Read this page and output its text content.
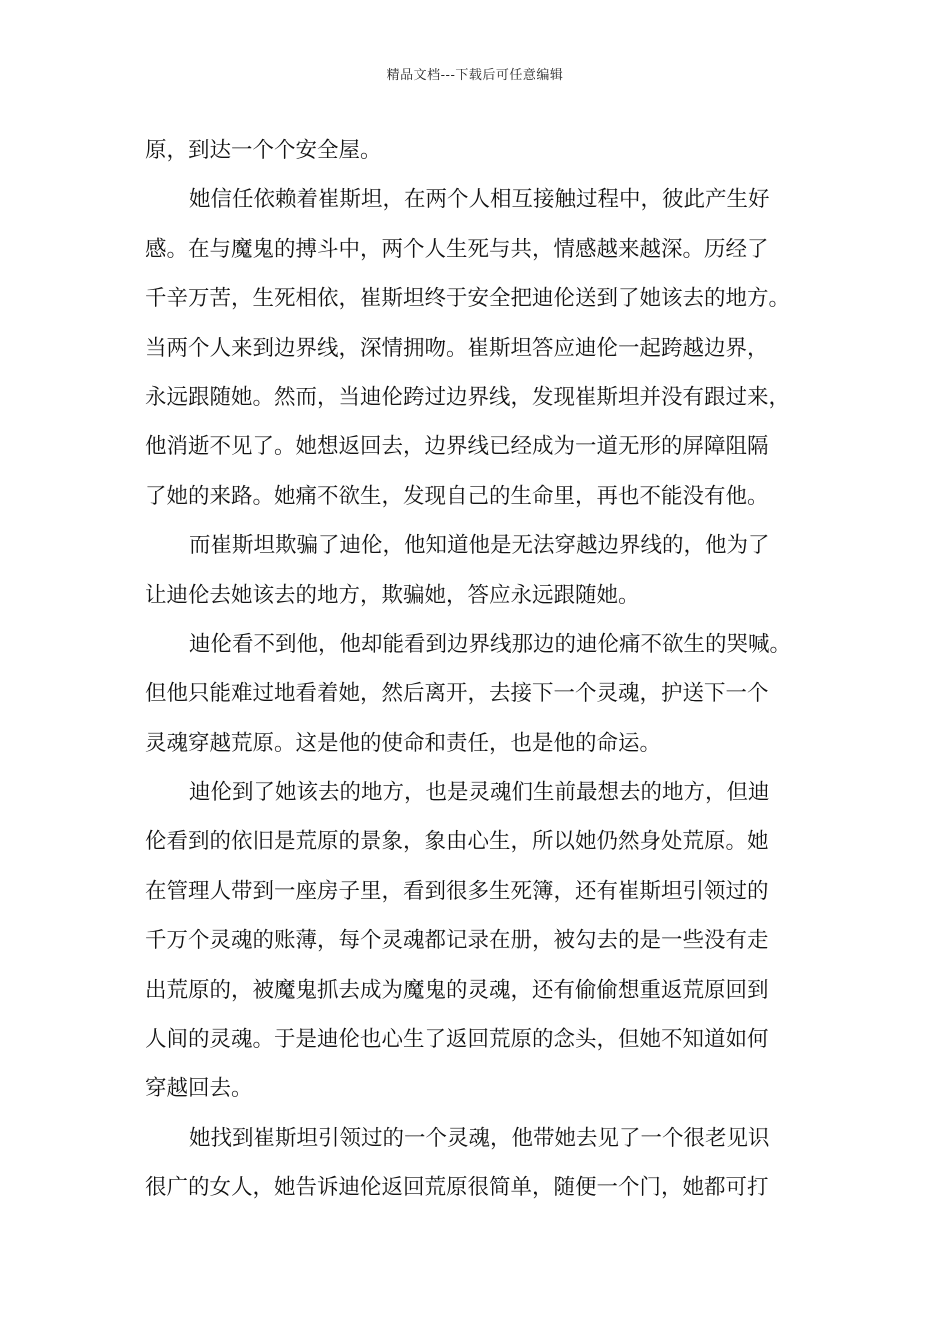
精品文档---下载后可任意编辑
原，到达一个个安全屋。
她信任依赖着崔斯坦，在两个人相互接触过程中，彼此产生好
感。在与魔鬼的搏斗中，两个人生死与共，情感越来越深。历经了
千辛万苦，生死相依，崔斯坦终于安全把迪伦送到了她该去的地方。
当两个人来到边界线，深情拥吻。崔斯坦答应迪伦一起跨越边界，
永远跟随她。然而，当迪伦跨过边界线，发现崔斯坦并没有跟过来，
他消逝不见了。她想返回去，边界线已经成为一道无形的屏障阻隔
了她的来路。她痛不欲生，发现自己的生命里，再也不能没有他。
而崔斯坦欺骗了迪伦，他知道他是无法穿越边界线的，他为了
让迪伦去她该去的地方，欺骗她，答应永远跟随她。
迪伦看不到他，他却能看到边界线那边的迪伦痛不欲生的哭喊。
但他只能难过地看着她，然后离开，去接下一个灵魂，护送下一个
灵魂穿越荒原。这是他的使命和责任，也是他的命运。
迪伦到了她该去的地方，也是灵魂们生前最想去的地方，但迪
伦看到的依旧是荒原的景象，象由心生，所以她仍然身处荒原。她
在管理人带到一座房子里，看到很多生死簿，还有崔斯坦引领过的
千万个灵魂的账薄，每个灵魂都记录在册，被勾去的是一些没有走
出荒原的，被魔鬼抓去成为魔鬼的灵魂，还有偷偷想重返荒原回到
人间的灵魂。于是迪伦也心生了返回荒原的念头，但她不知道如何
穿越回去。
她找到崔斯坦引领过的一个灵魂，他带她去见了一个很老见识
很广的女人，她告诉迪伦返回荒原很简单，随便一个门，她都可打
